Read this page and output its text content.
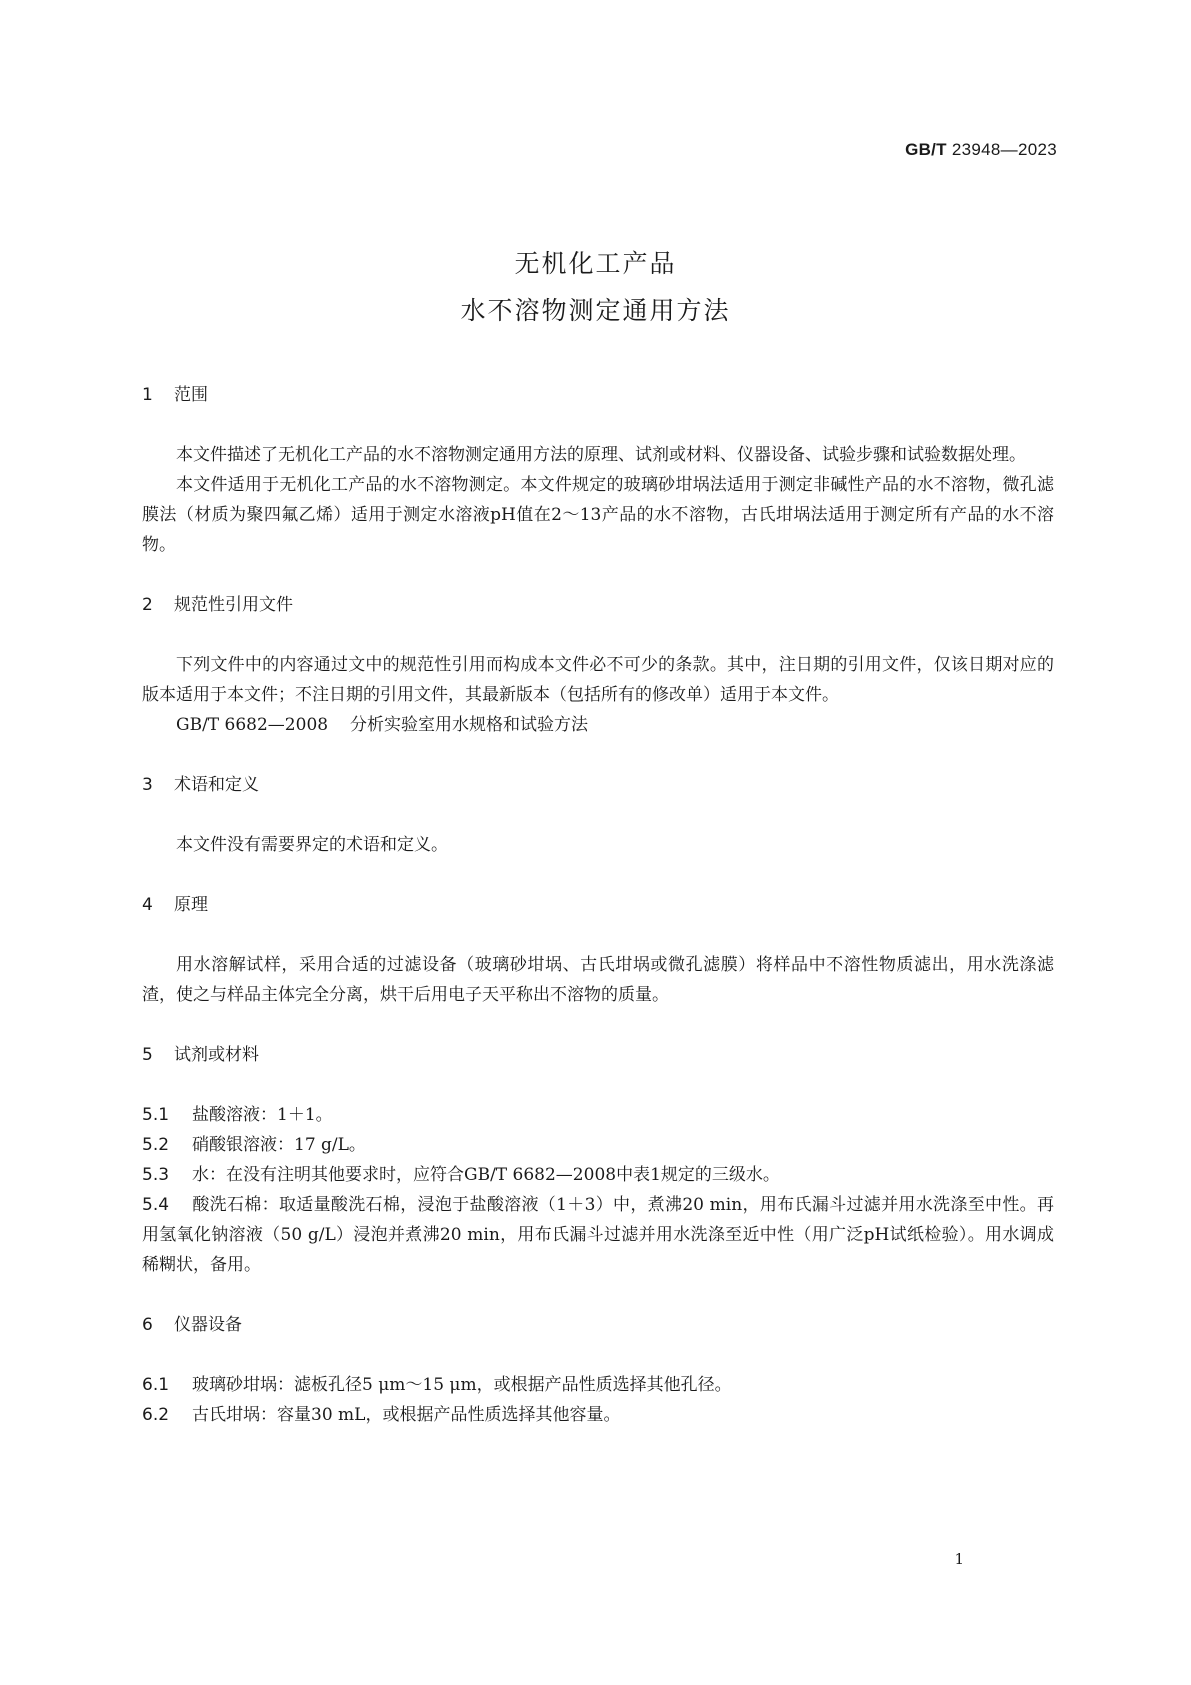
GB/T 23948—2023
无机化工产品
水不溶物测定通用方法
1 范围

本文件描述了无机化工产品的水不溶物测定通用方法的原理、试剂或材料、仪器设备、试验步骤和试验数据处理。

本文件适用于无机化工产品的水不溶物测定。本文件规定的玻璃砂坩埚法适用于测定非碱性产品的水不溶物，微孔滤膜法（材质为聚四氟乙烯）适用于测定水溶液pH值在2～13产品的水不溶物，古氏坩埚法适用于测定所有产品的水不溶物。

2 规范性引用文件

下列文件中的内容通过文中的规范性引用而构成本文件必不可少的条款。其中，注日期的引用文件，仅该日期对应的版本适用于本文件；不注日期的引用文件，其最新版本（包括所有的修改单）适用于本文件。

GB/T 6682—2008 分析实验室用水规格和试验方法

3 术语和定义

本文件没有需要界定的术语和定义。

4 原理

用水溶解试样，采用合适的过滤设备（玻璃砂坩埚、古氏坩埚或微孔滤膜）将样品中不溶性物质滤出，用水洗涤滤渣，使之与样品主体完全分离，烘干后用电子天平称出不溶物的质量。

5 试剂或材料

5.1 盐酸溶液：1＋1。

5.2 硝酸银溶液：17 g/L。

5.3 水：在没有注明其他要求时，应符合GB/T 6682—2008中表1规定的三级水。

5.4 酸洗石棉：取适量酸洗石棉，浸泡于盐酸溶液（1＋3）中，煮沸20 min，用布氏漏斗过滤并用水洗涤至中性。再用氢氧化钠溶液（50 g/L）浸泡并煮沸20 min，用布氏漏斗过滤并用水洗涤至近中性（用广泛pH试纸检验）。用水调成稀糊状，备用。

6 仪器设备

6.1 玻璃砂坩埚：滤板孔径5 μm～15 μm，或根据产品性质选择其他孔径。

6.2 古氏坩埚：容量30 mL，或根据产品性质选择其他容量。

1
